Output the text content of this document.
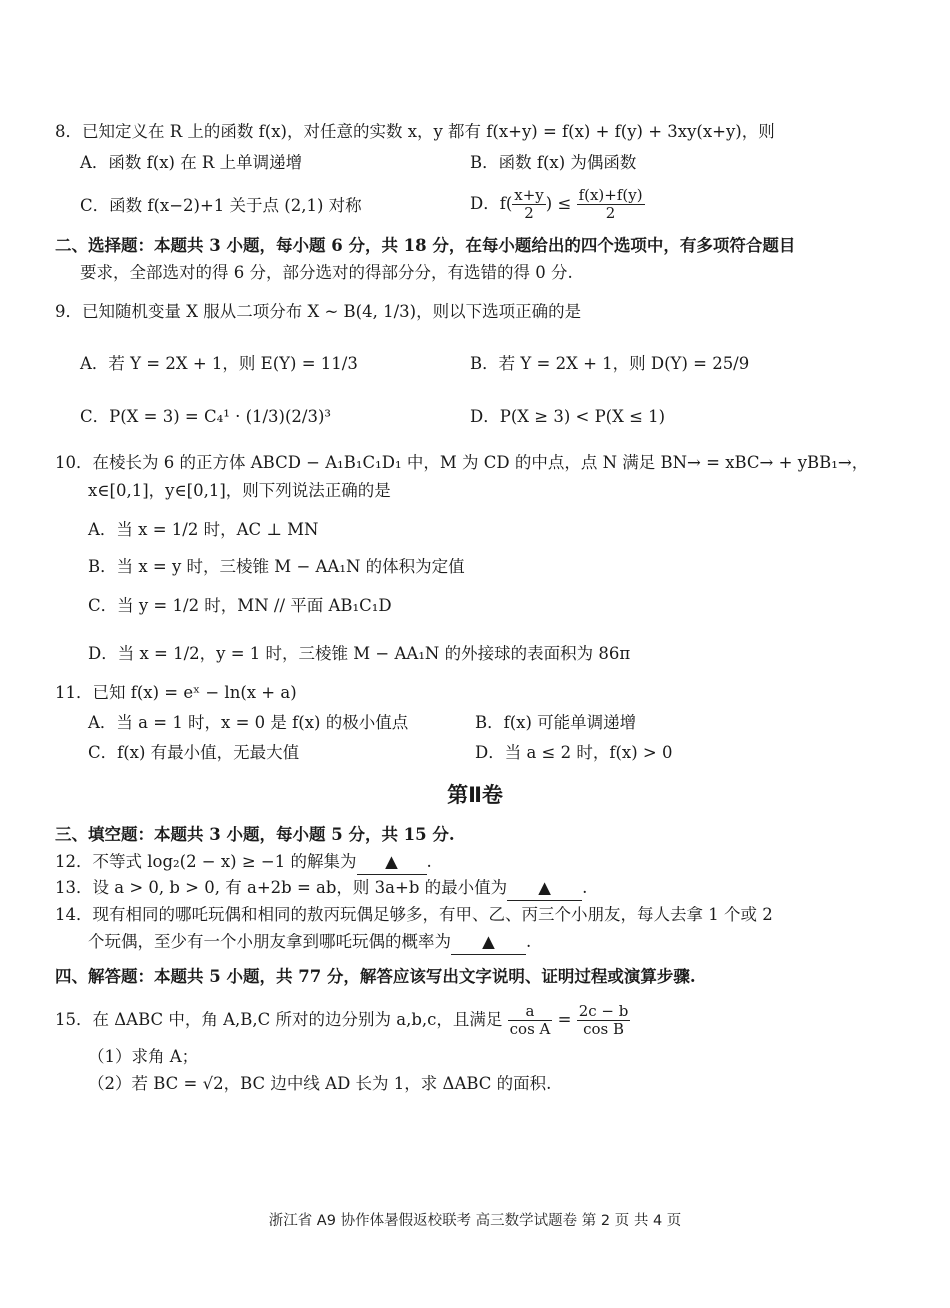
8．已知定义在 R 上的函数 f(x)，对任意的实数 x，y 都有 f(x+y) = f(x) + f(y) + 3xy(x+y)，则
A．函数 f(x) 在 R 上单调递增	B．函数 f(x) 为偶函数
C．函数 f(x−2)+1 关于点 (2,1) 对称	D．$f( \frac{x+y}{2}$ ) ≤ $\frac{f(x)+f(y)}{2}$
二、选择题：本题共 3 小题，每小题 6 分，共 18 分，在每小题给出的四个选项中，有多项符合题目
要求，全部选对的得 6 分，部分选对的得部分分，有选错的得 0 分.
9．已知随机变量 X 服从二项分布 X ~ B(4, 1/3)，则以下选项正确的是
A．若 Y = 2X + 1，则 E(Y) = 11/3	B．若 Y = 2X + 1，则 D(Y) = 25/9
C．P(X = 3) = C₄¹ · (1/3)(2/3)³	D．P(X ≥ 3) < P(X ≤ 1)
10．在棱长为 6 的正方体 ABCD − A₁B₁C₁D₁ 中，M 为 CD 的中点，点 N 满足 BN→ = xBC→ + yBB₁→，
x∈[0,1]，y∈[0,1]，则下列说法正确的是
A．当 x = 1/2 时，AC ⊥ MN
B．当 x = y 时，三棱锥 M − AA₁N 的体积为定值
C．当 y = 1/2 时，MN // 平面 AB₁C₁D
D．当 x = 1/2，y = 1 时，三棱锥 M − AA₁N 的外接球的表面积为 86π
11．已知 f(x) = eˣ − ln(x + a)
A．当 a = 1 时，x = 0 是 f(x) 的极小值点	B．f(x) 可能单调递增
C．f(x) 有最小值，无最大值	D．当 a ≤ 2 时，f(x) > 0
第Ⅱ卷
三、填空题：本题共 3 小题，每小题 5 分，共 15 分.
12．不等式 log₂(2 − x) ≥ −1 的解集为 ▲ .
13．设 a > 0, b > 0, 有 a+2b = ab，则 3a+b 的最小值为 ▲ .
14．现有相同的哪吒玩偶和相同的敖丙玩偶足够多，有甲、乙、丙三个小朋友，每人去拿 1 个或 2
个玩偶，至少有一个小朋友拿到哪吒玩偶的概率为 ▲ .
四、解答题：本题共 5 小题，共 77 分，解答应该写出文字说明、证明过程或演算步骤.
15．在 ΔABC 中，角 A,B,C 所对的边分别为 a,b,c，且满足 $\frac{a}{\text{cos A}} = \frac{2c - b}{\text{cos B}}$
（1）求角 A；
（2）若 BC = √2，BC 边中线 AD 长为 1，求 ΔABC 的面积.
浙江省 A9 协作体暑假返校联考 高三数学试题卷 第 2 页 共 4 页
